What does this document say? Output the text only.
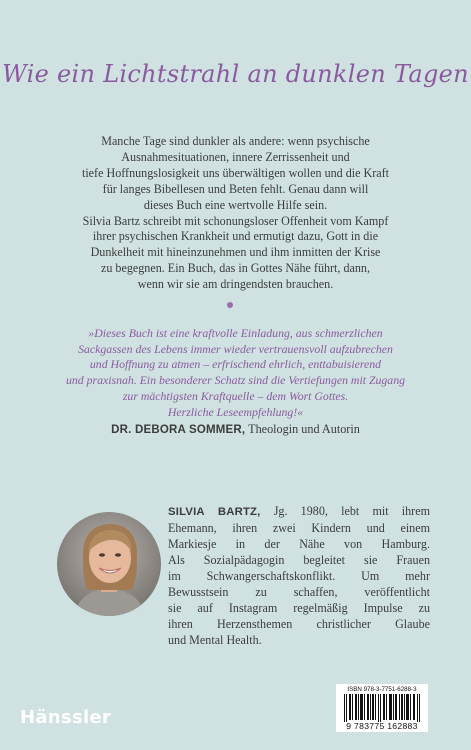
Wie ein Lichtstrahl an dunklen Tagen

Manche Tage sind dunkler als andere: wenn psychische

Ausnahmesituationen, innere Zerrissenheit und

tiefe Hoffnungslosigkeit uns überwältigen wollen und die Kraft

für langes Bibellesen und Beten fehlt. Genau dann will

dieses Buch eine wertvolle Hilfe sein.

Silvia Bartz schreibt mit schonungsloser Offenheit vom Kampf

ihrer psychischen Krankheit und ermutigt dazu, Gott in die

Dunkelheit mit hineinzunehmen und ihm inmitten der Krise

zu begegnen. Ein Buch, das in Gottes Nähe führt, dann,

wenn wir sie am dringendsten brauchen.

»Dieses Buch ist eine kraftvolle Einladung, aus schmerzlichen
Sackgassen des Lebens immer wieder vertrauensvoll aufzubrechen
und Hoffnung zu atmen – erfrischend ehrlich, enttabuisierend
und praxisnah. Ein besonderer Schatz sind die Vertiefungen mit Zugang
zur mächtigsten Kraftquelle – dem Wort Gottes.
Herzliche Leseempfehlung!«
DR. DEBORA SOMMER, Theologin und Autorin
SILVIA BARTZ, Jg. 1980, lebt mit ihrem
Ehemann, ihren zwei Kindern und einem
Markiesje in der Nähe von Hamburg.
Als Sozialpädagogin begleitet sie Frauen
im Schwangerschaftskonflikt. Um mehr
Bewusstsein zu schaffen, veröffentlicht
sie auf Instagram regelmäßig Impulse zu
ihren Herzensthemen christlicher Glaube
und Mental Health.
Hänssler
ISBN 978-3-7751-6288-3
9 783775 162883
